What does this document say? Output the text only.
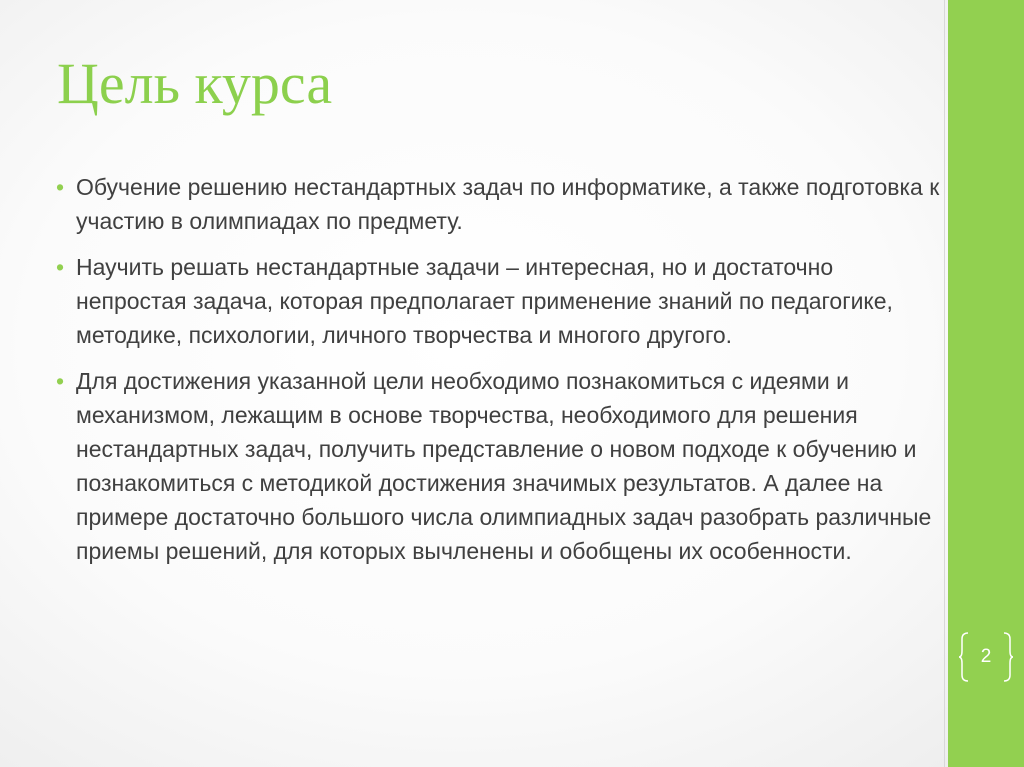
Цель курса
• Обучение решению нестандартных задач по информатике, а также подготовка к участию в олимпиадах по предмету.
• Научить решать нестандартные задачи – интересная, но и достаточно непростая задача, которая предполагает применение знаний по педагогике, методике, психологии, личного творчества и многого другого.
• Для достижения указанной цели необходимо познакомиться с идеями и механизмом, лежащим в основе творчества, необходимого для решения нестандартных задач, получить представление о новом подходе к обучению и познакомиться с методикой достижения значимых результатов. А далее на примере достаточно большого числа олимпиадных задач разобрать различные приемы решений, для которых вычленены и обобщены их особенности.
2
